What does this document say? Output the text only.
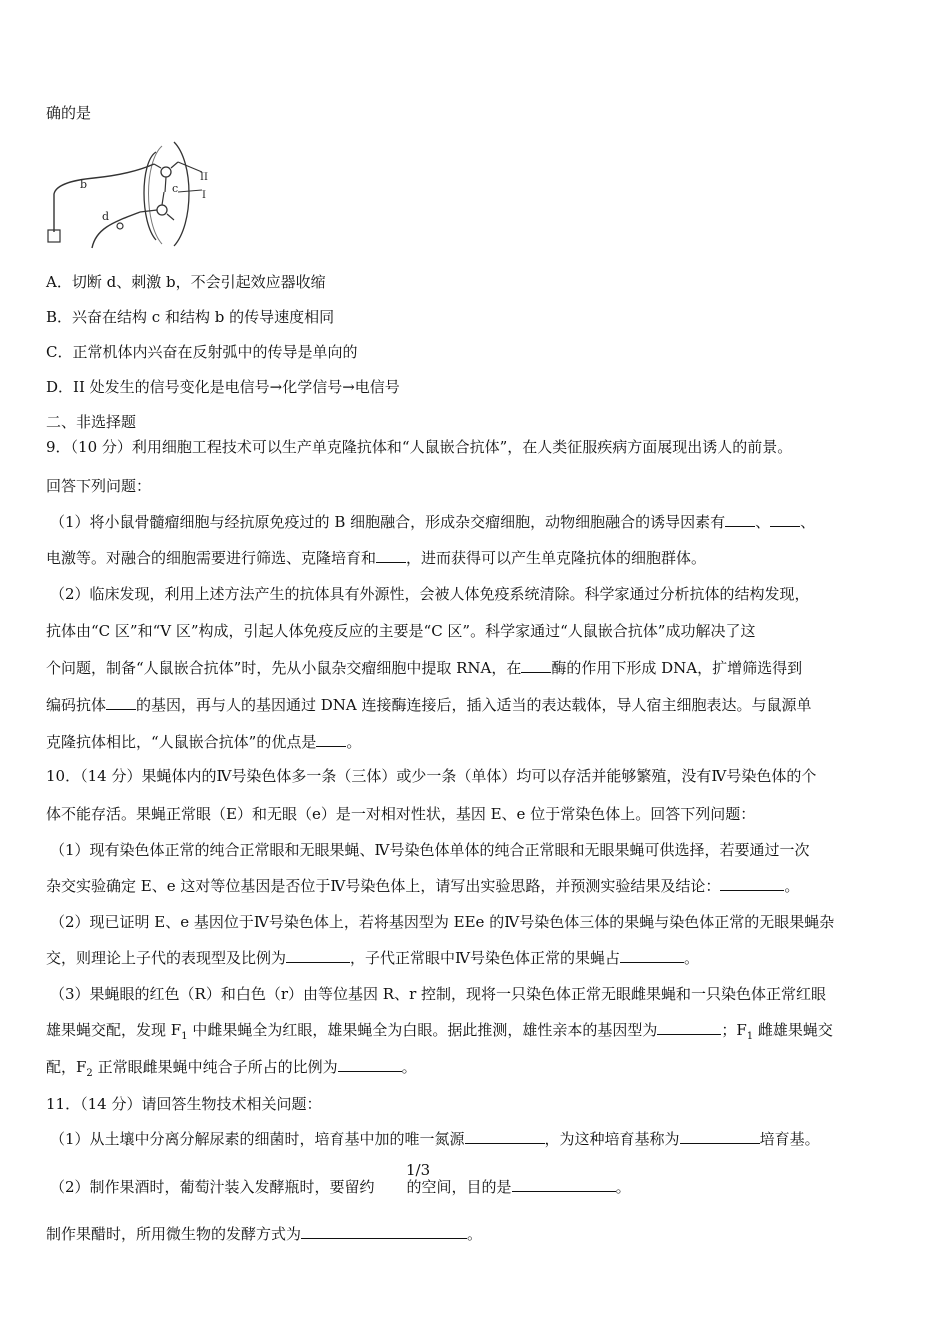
确的是
b	c
d
II
I
A．切断 d、刺激 b，不会引起效应器收缩
B．兴奋在结构 c 和结构 b 的传导速度相同
C．正常机体内兴奋在反射弧中的传导是单向的
D．II 处发生的信号变化是电信号→化学信号→电信号
二、非选择题
9．（10 分）利用细胞工程技术可以生产单克隆抗体和“人鼠嵌合抗体”，在人类征服疾病方面展现出诱人的前景。
回答下列问题：
（1）将小鼠骨髓瘤细胞与经抗原免疫过的 B 细胞融合，形成杂交瘤细胞，动物细胞融合的诱导因素有 、 、
电激等。对融合的细胞需要进行筛选、克隆培育和 ，进而获得可以产生单克隆抗体的细胞群体。
（2）临床发现，利用上述方法产生的抗体具有外源性，会被人体免疫系统清除。科学家通过分析抗体的结构发现，
抗体由“C 区”和“V 区”构成，引起人体免疫反应的主要是“C 区”。科学家通过“人鼠嵌合抗体”成功解决了这
个问题，制备“人鼠嵌合抗体”时，先从小鼠杂交瘤细胞中提取 RNA，在 酶的作用下形成 DNA，扩增筛选得到
编码抗体 的基因，再与人的基因通过 DNA 连接酶连接后，插入适当的表达载体，导人宿主细胞表达。与鼠源单
克隆抗体相比，“人鼠嵌合抗体”的优点是 。
10．（14 分）果蝇体内的Ⅳ号染色体多一条（三体）或少一条（单体）均可以存活并能够繁殖，没有Ⅳ号染色体的个
体不能存活。果蝇正常眼（E）和无眼（e）是一对相对性状，基因 E、e 位于常染色体上。回答下列问题：
（1）现有染色体正常的纯合正常眼和无眼果蝇、Ⅳ号染色体单体的纯合正常眼和无眼果蝇可供选择，若要通过一次
杂交实验确定 E、e 这对等位基因是否位于Ⅳ号染色体上，请写出实验思路，并预测实验结果及结论：	。
（2）现已证明 E、e 基因位于Ⅳ号染色体上，若将基因型为 EEe 的Ⅳ号染色体三体的果蝇与染色体正常的无眼果蝇杂
交，则理论上子代的表现型及比例为	，子代正常眼中Ⅳ号染色体正常的果蝇占	。
（3）果蝇眼的红色（R）和白色（r）由等位基因 R、r 控制，现将一只染色体正常无眼雌果蝇和一只染色体正常红眼
雄果蝇交配，发现 $F_1$ 中雌果蝇全为红眼，雄果蝇全为白眼。据此推测，雄性亲本的基因型为	；$F_1$ 雌雄果蝇交
配，$F_2$ 正常眼雌果蝇中纯合子所占的比例为	。
11．（14 分）请回答生物技术相关问题：
（1）从土壤中分离分解尿素的细菌时，培育基中加的唯一氮源	，为这种培育基称为	培育基。
1/3
（2）制作果酒时，葡萄汁装入发酵瓶时，要留约 的空间，目的是	。
制作果醋时，所用微生物的发酵方式为	。
